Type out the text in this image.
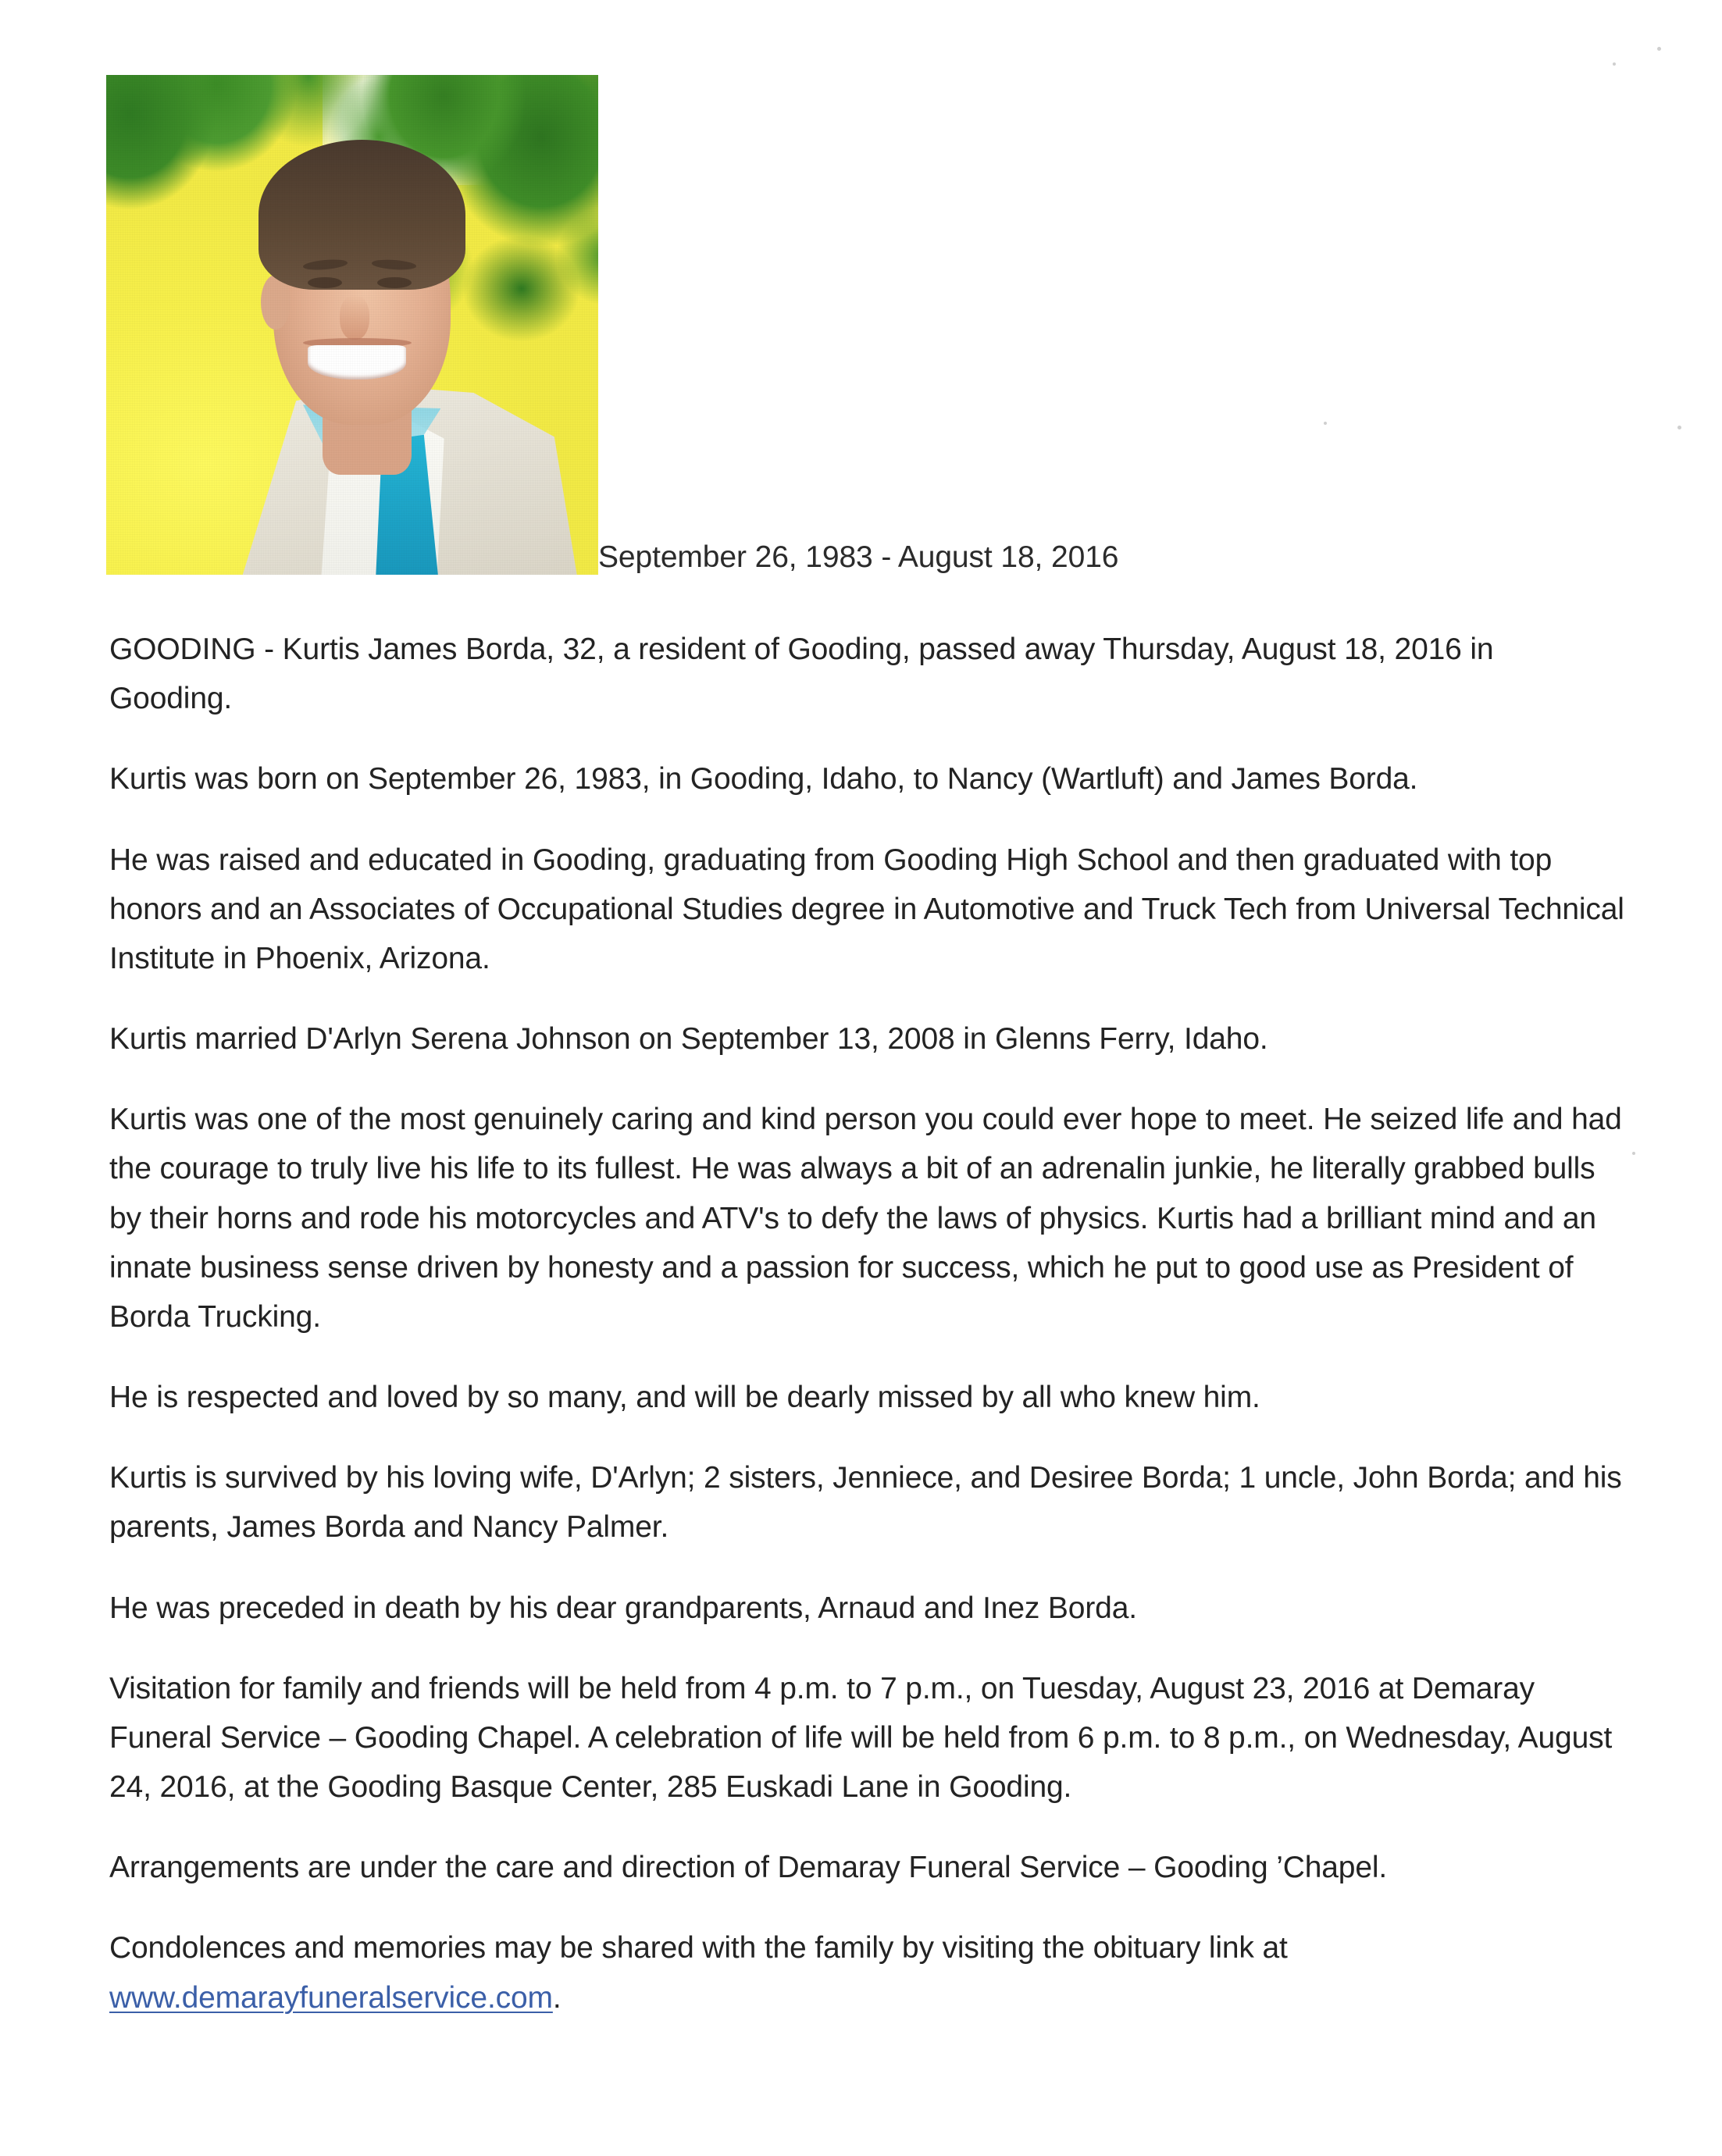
September 26, 1983 - August 18, 2016

GOODING - Kurtis James Borda, 32, a resident of Gooding, passed away Thursday, August 18, 2016 in Gooding.

Kurtis was born on September 26, 1983, in Gooding, Idaho, to Nancy (Wartluft) and James Borda.

He was raised and educated in Gooding, graduating from Gooding High School and then graduated with top honors and an Associates of Occupational Studies degree in Automotive and Truck Tech from Universal Technical Institute in Phoenix, Arizona.

Kurtis married D'Arlyn Serena Johnson on September 13, 2008 in Glenns Ferry, Idaho.

Kurtis was one of the most genuinely caring and kind person you could ever hope to meet. He seized life and had the courage to truly live his life to its fullest. He was always a bit of an adrenalin junkie, he literally grabbed bulls by their horns and rode his motorcycles and ATV's to defy the laws of physics. Kurtis had a brilliant mind and an innate business sense driven by honesty and a passion for success, which he put to good use as President of Borda Trucking.

He is respected and loved by so many, and will be dearly missed by all who knew him.

Kurtis is survived by his loving wife, D'Arlyn; 2 sisters, Jenniece, and Desiree Borda; 1 uncle, John Borda; and his parents, James Borda and Nancy Palmer.

He was preceded in death by his dear grandparents, Arnaud and Inez Borda.

Visitation for family and friends will be held from 4 p.m. to 7 p.m., on Tuesday, August 23, 2016 at Demaray Funeral Service – Gooding Chapel. A celebration of life will be held from 6 p.m. to 8 p.m., on Wednesday, August 24, 2016, at the Gooding Basque Center, 285 Euskadi Lane in Gooding.

Arrangements are under the care and direction of Demaray Funeral Service – Gooding ’Chapel.

Condolences and memories may be shared with the family by visiting the obituary link at www.demarayfuneralservice.com.
